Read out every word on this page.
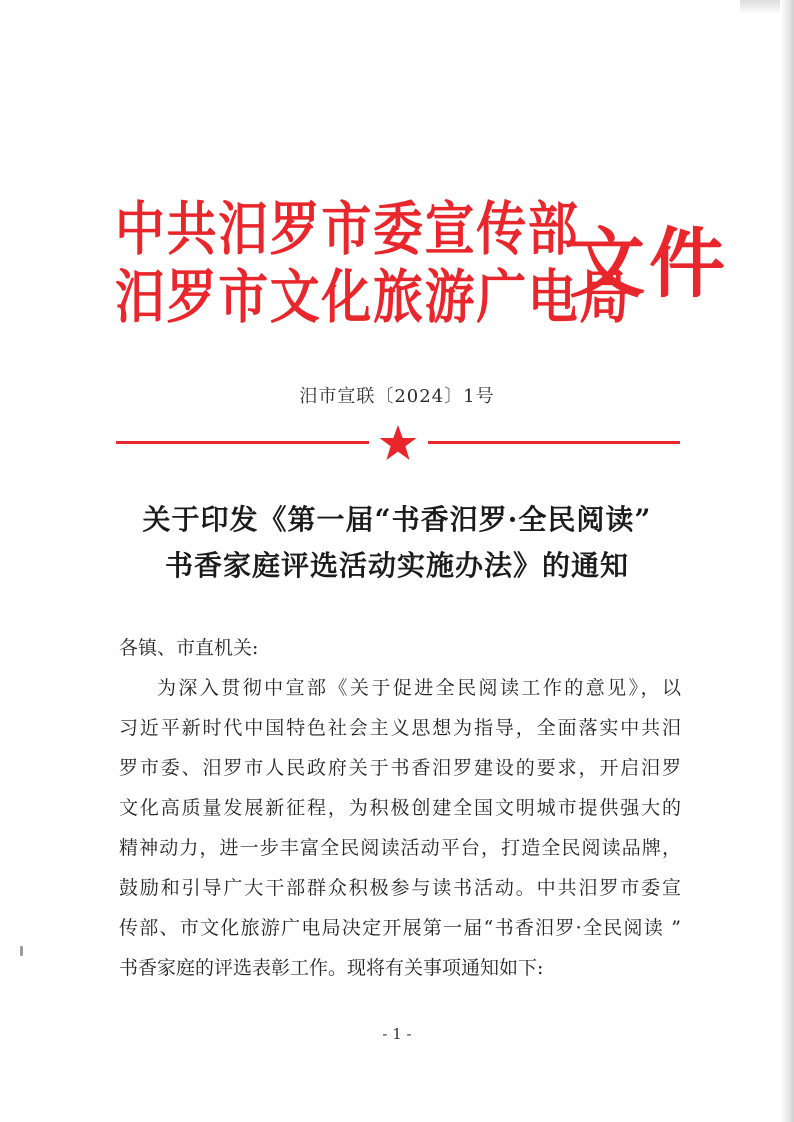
中共汨罗市委宣传部
汨罗市文化旅游广电局
文件
汨市宣联〔2024〕1号
关于印发《第一届“书香汨罗·全民阅读”
书香家庭评选活动实施办法》的通知
各镇、市直机关:
为深入贯彻中宣部《关于促进全民阅读工作的意见》，以
习近平新时代中国特色社会主义思想为指导，全面落实中共汨
罗市委、汨罗市人民政府关于书香汨罗建设的要求，开启汨罗
文化高质量发展新征程，为积极创建全国文明城市提供强大的
精神动力，进一步丰富全民阅读活动平台，打造全民阅读品牌，
鼓励和引导广大干部群众积极参与读书活动。中共汨罗市委宣
传部、市文化旅游广电局决定开展第一届“书香汨罗·全民阅读 ”
书香家庭的评选表彰工作。现将有关事项通知如下:
- 1 -
